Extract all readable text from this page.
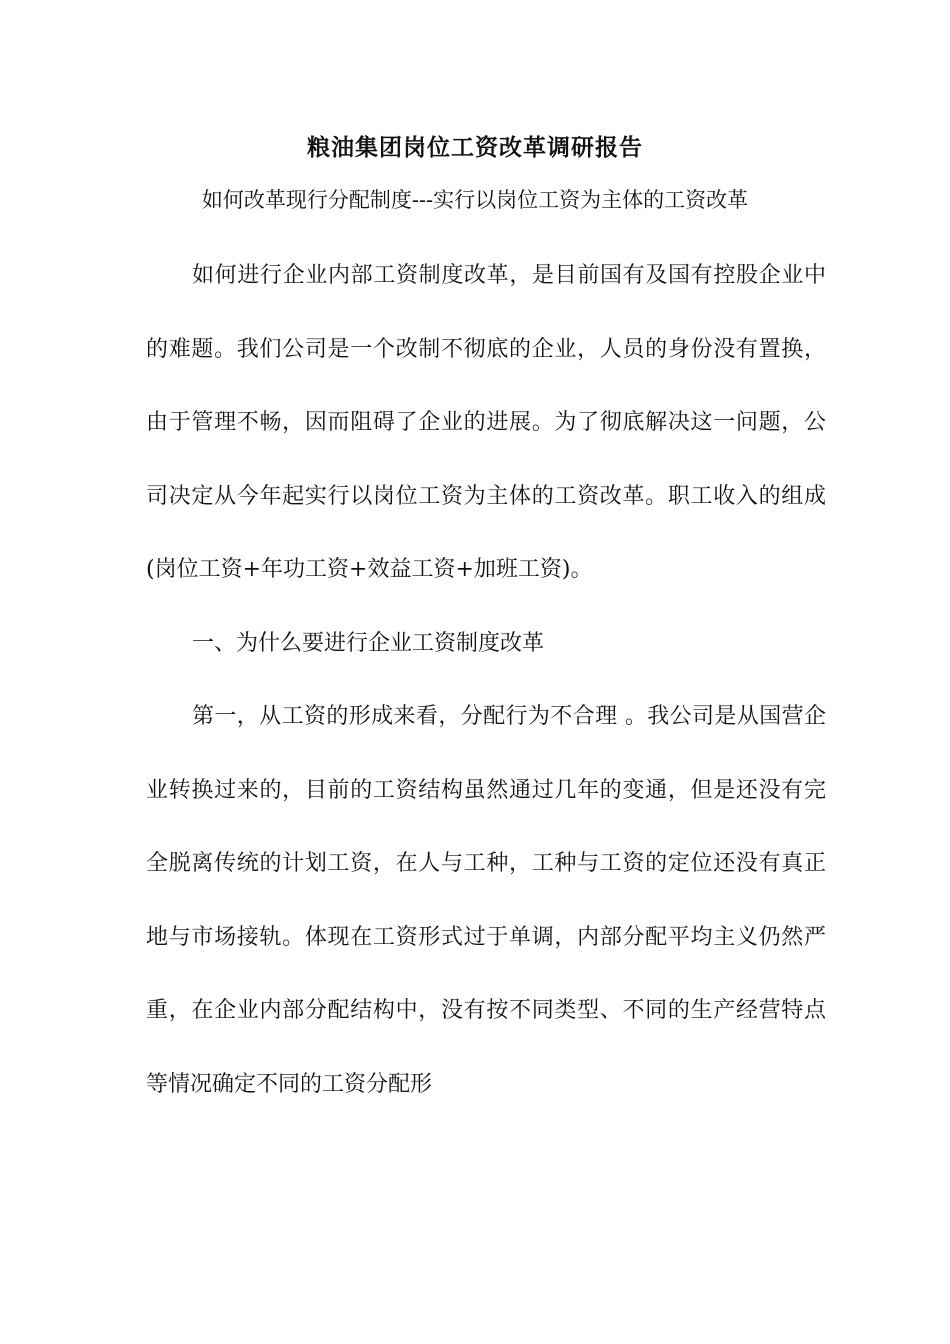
粮油集团岗位工资改革调研报告
如何改革现行分配制度---实行以岗位工资为主体的工资改革

如何进行企业内部工资制度改革，是目前国有及国有控股企业中的难题。我们公司是一个改制不彻底的企业，人员的身份没有置换，由于管理不畅，因而阻碍了企业的进展。为了彻底解决这一问题，公司决定从今年起实行以岗位工资为主体的工资改革。职工收入的组成(岗位工资+年功工资+效益工资+加班工资)。

一、为什么要进行企业工资制度改革

第一，从工资的形成来看，分配行为不合理 。我公司是从国营企业转换过来的，目前的工资结构虽然通过几年的变通，但是还没有完全脱离传统的计划工资，在人与工种，工种与工资的定位还没有真正地与市场接轨。体现在工资形式过于单调，内部分配平均主义仍然严重，在企业内部分配结构中，没有按不同类型、不同的生产经营特点等情况确定不同的工资分配形
